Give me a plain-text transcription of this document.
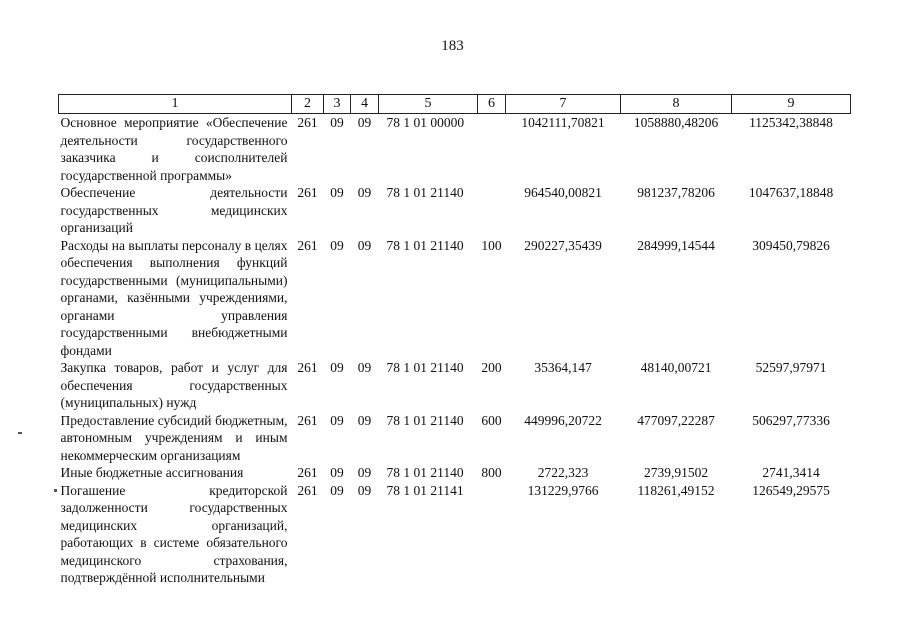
183
1	2	3	4	5	6	7	8	9
Основное мероприятие «Обеспечение деятельности государственного заказчика и соисполнителей государственной программы»	261	09	09	78 1 01 00000		1042111,70821	1058880,48206	1125342,38848
Обеспечение деятельности государственных медицинских организаций	261	09	09	78 1 01 21140		964540,00821	981237,78206	1047637,18848
Расходы на выплаты персоналу в целях обеспечения выполнения функций государственными (муниципальными) органами, казёнными учреждениями, органами управления государственными внебюджетными фондами	261	09	09	78 1 01 21140	100	290227,35439	284999,14544	309450,79826
Закупка товаров, работ и услуг для обеспечения государственных (муниципальных) нужд	261	09	09	78 1 01 21140	200	35364,147	48140,00721	52597,97971
Предоставление субсидий бюджетным, автономным учреждениям и иным некоммерческим организациям	261	09	09	78 1 01 21140	600	449996,20722	477097,22287	506297,77336
Иные бюджетные ассигнования	261	09	09	78 1 01 21140	800	2722,323	2739,91502	2741,3414
Погашение кредиторской задолженности государственных медицинских организаций, работающих в системе обязательного медицинского страхования, подтверждённой исполнительными	261	09	09	78 1 01 21141		131229,9766	118261,49152	126549,29575
